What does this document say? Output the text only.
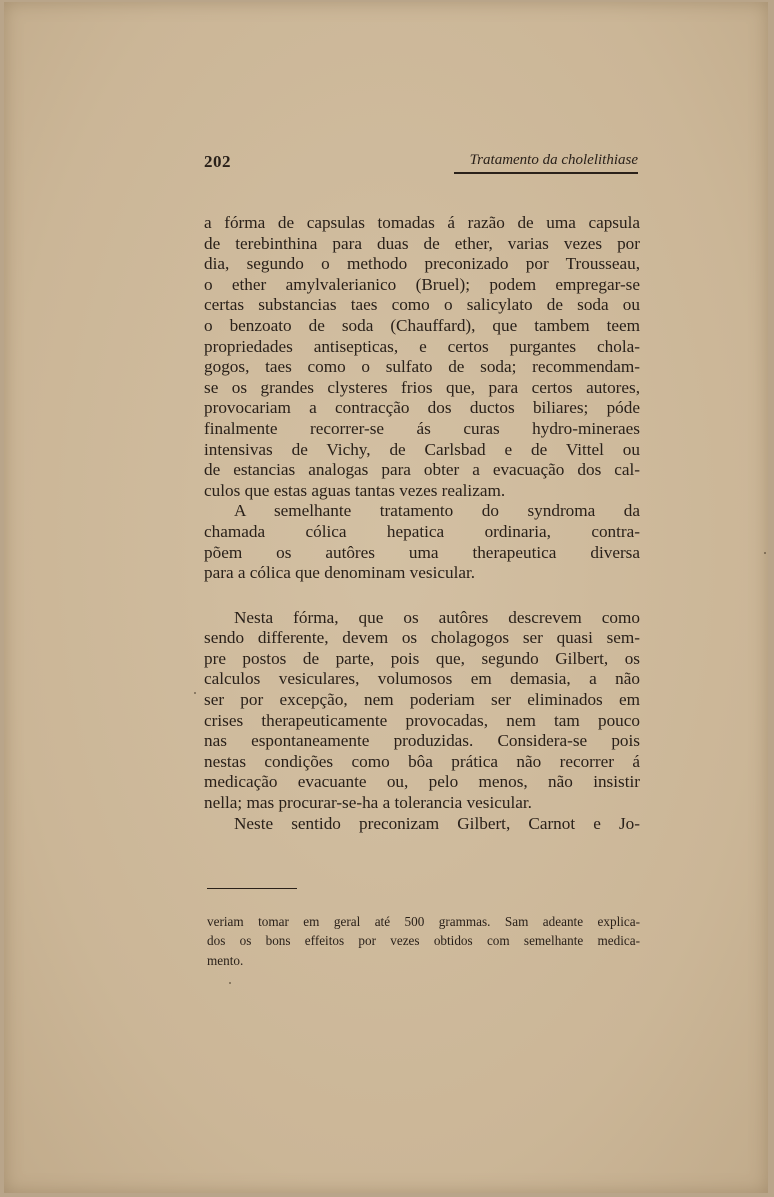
202	Tratamento da cholelithiase
a fórma de capsulas tomadas á razão de uma capsula
de terebinthina para duas de ether, varias vezes por
dia, segundo o methodo preconizado por Trousseau,
o ether amylvalerianico (Bruel); podem empregar-se
certas substancias taes como o salicylato de soda ou
o benzoato de soda (Chauffard), que tambem teem
propriedades antisepticas, e certos purgantes chola-
gogos, taes como o sulfato de soda; recommendam-
se os grandes clysteres frios que, para certos autores,
provocariam a contracção dos ductos biliares; póde
finalmente recorrer-se ás curas hydro-mineraes
intensivas de Vichy, de Carlsbad e de Vittel ou
de estancias analogas para obter a evacuação dos cal-
culos que estas aguas tantas vezes realizam.
A semelhante tratamento do syndroma da
chamada cólica hepatica ordinaria, contra-
põem os autôres uma therapeutica diversa
para a cólica que denominam vesicular.
Nesta fórma, que os autôres descrevem como
sendo differente, devem os cholagogos ser quasi sem-
pre postos de parte, pois que, segundo Gilbert, os
calculos vesiculares, volumosos em demasia, a não
ser por excepção, nem poderiam ser eliminados em
crises therapeuticamente provocadas, nem tam pouco
nas espontaneamente produzidas. Considera-se pois
nestas condições como bôa prática não recorrer á
medicação evacuante ou, pelo menos, não insistir
nella; mas procurar-se-ha a tolerancia vesicular.
Neste sentido preconizam Gilbert, Carnot e Jo-
veriam tomar em geral até 500 grammas. Sam adeante explica-
dos os bons effeitos por vezes obtidos com semelhante medica-
mento.
